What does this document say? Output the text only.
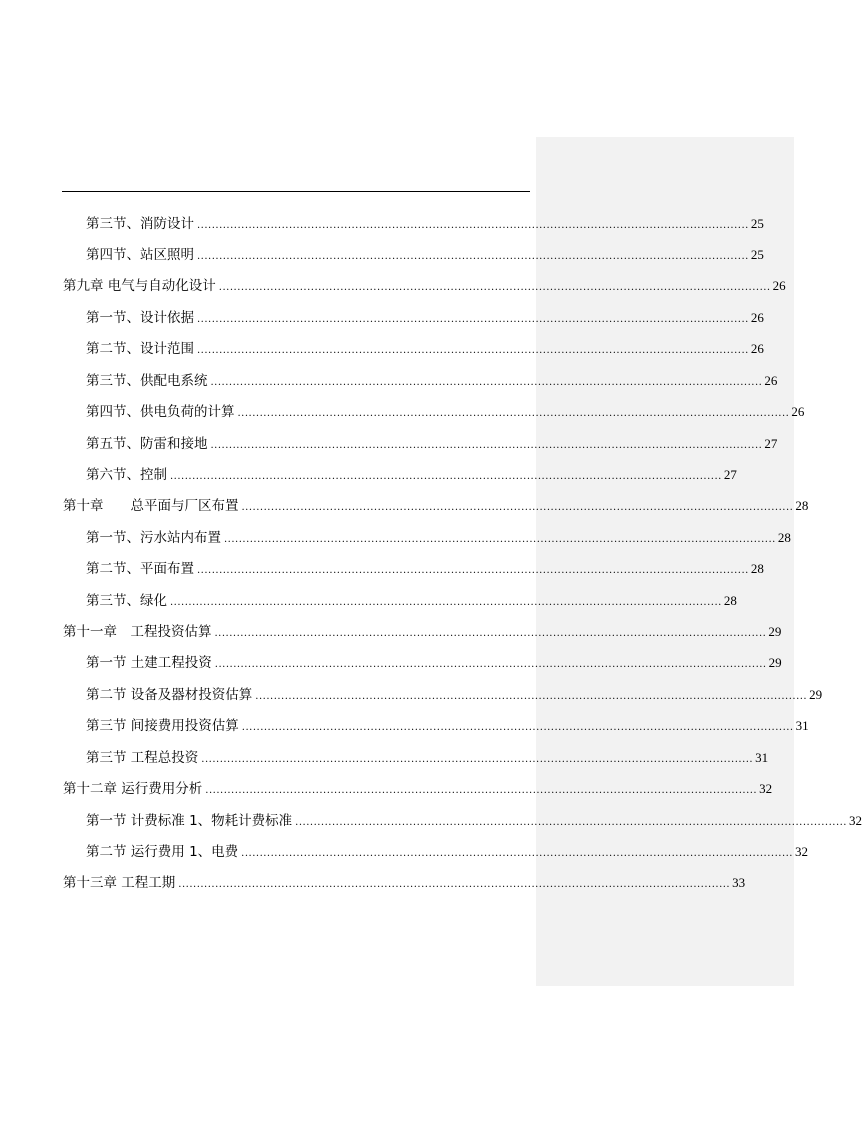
第三节、消防设计 ...................................................................................................................................................... 25
第四节、站区照明 ...................................................................................................................................................... 25
第九章 电气与自动化设计 ...................................................................................................................................................... 26
第一节、设计依据 ...................................................................................................................................................... 26
第二节、设计范围 ...................................................................................................................................................... 26
第三节、供配电系统 ...................................................................................................................................................... 26
第四节、供电负荷的计算 ...................................................................................................................................................... 26
第五节、防雷和接地 ...................................................................................................................................................... 27
第六节、控制 ...................................................................................................................................................... 27
第十章　　总平面与厂区布置 ...................................................................................................................................................... 28
第一节、污水站内布置 ...................................................................................................................................................... 28
第二节、平面布置 ...................................................................................................................................................... 28
第三节、绿化 ...................................................................................................................................................... 28
第十一章　工程投资估算 ...................................................................................................................................................... 29
第一节 土建工程投资 ...................................................................................................................................................... 29
第二节 设备及器材投资估算 ...................................................................................................................................................... 29
第三节 间接费用投资估算 ...................................................................................................................................................... 31
第三节 工程总投资 ...................................................................................................................................................... 31
第十二章 运行费用分析 ...................................................................................................................................................... 32
第一节 计费标准 1、物耗计费标准 ...................................................................................................................................................... 32
第二节 运行费用 1、电费 ...................................................................................................................................................... 32
第十三章 工程工期 ...................................................................................................................................................... 33
